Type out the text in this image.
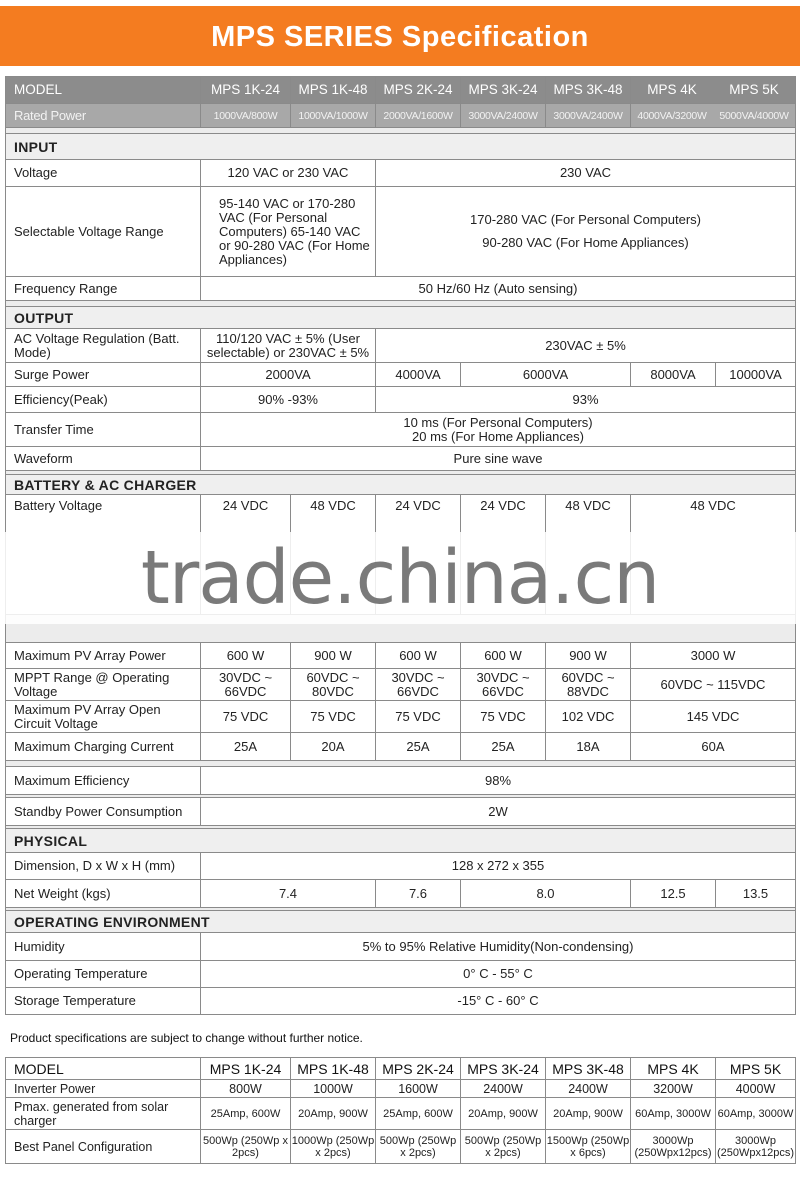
MPS SERIES Specification
MODEL	MPS 1K-24	MPS 1K-48	MPS 2K-24	MPS 3K-24	MPS 3K-48	MPS 4K MPS 5K	

Rated Power	1000VA/800W	1000VA/1000W	2000VA/1600W	3000VA/2400W	3000VA/2400W	4000VA/3200W 5000VA/4000W	

INPUT							
Voltage	120 VAC or 230 VAC		230 VAC				
Selectable Voltage Range	95-140 VAC or 170-280 VAC (For Personal Computers) 65-140 VAC or 90-280 VAC (For Home Appliances)		170-280 VAC (For Personal Computers)
90-280 VAC (For Home Appliances)				

Frequency Range	50 Hz/60 Hz (Auto sensing)						

OUTPUT							
AC Voltage Regulation (Batt. Mode)	110/120 VAC ± 5% (User selectable) or 230VAC ± 5%		230VAC ± 5%				
Surge Power	2000VA		4000VA	6000VA		8000VA	10000VA
Efficiency(Peak)	90% -93%		93%				
Transfer Time	10 ms (For Personal Computers)
20 ms (For Home Appliances)						

Waveform	Pure sine wave						

BATTERY & AC CHARGER							
Battery Voltage	24 VDC	48 VDC	24 VDC	24 VDC	48 VDC	48 VDC	

Maximum PV Array Power	600 W	900 W	600 W	600 W	900 W	3000 W	
MPPT Range @ Operating Voltage	30VDC ~ 66VDC	60VDC ~ 80VDC	30VDC ~ 66VDC	30VDC ~ 66VDC	60VDC ~ 88VDC	60VDC ~ 115VDC	
Maximum PV Array Open Circuit Voltage	75 VDC	75 VDC	75 VDC	75 VDC	102 VDC	145 VDC	
Maximum Charging Current	25A	20A	25A	25A	18A	60A	

Maximum Efficiency	98%						

Standby Power Consumption	2W						

PHYSICAL							
Dimension, D x W x H (mm)	128 x 272 x 355						
Net Weight (kgs)	7.4		7.6	8.0		12.5	13.5

OPERATING ENVIRONMENT							
Humidity	5% to 95% Relative Humidity(Non-condensing)						
Operating Temperature	0° C - 55° C						
Storage Temperature	-15° C - 60° C						
trade.china.cn
Product specifications are subject to change without further notice.
MODEL	MPS 1K-24	MPS 1K-48	MPS 2K-24	MPS 3K-24	MPS 3K-48	MPS 4K	MPS 5K
Inverter Power	800W	1000W	1600W	2400W	2400W	3200W	4000W
Pmax. generated from solar charger	25Amp, 600W	20Amp, 900W	25Amp, 600W	20Amp, 900W	20Amp, 900W	60Amp, 3000W	60Amp, 3000W
Best Panel Configuration	500Wp (250Wp x 2pcs)	1000Wp (250Wp x 2pcs)	500Wp (250Wp x 2pcs)	500Wp (250Wp x 2pcs)	1500Wp (250Wp x 6pcs)	3000Wp (250Wpx12pcs)	3000Wp (250Wpx12pcs)
